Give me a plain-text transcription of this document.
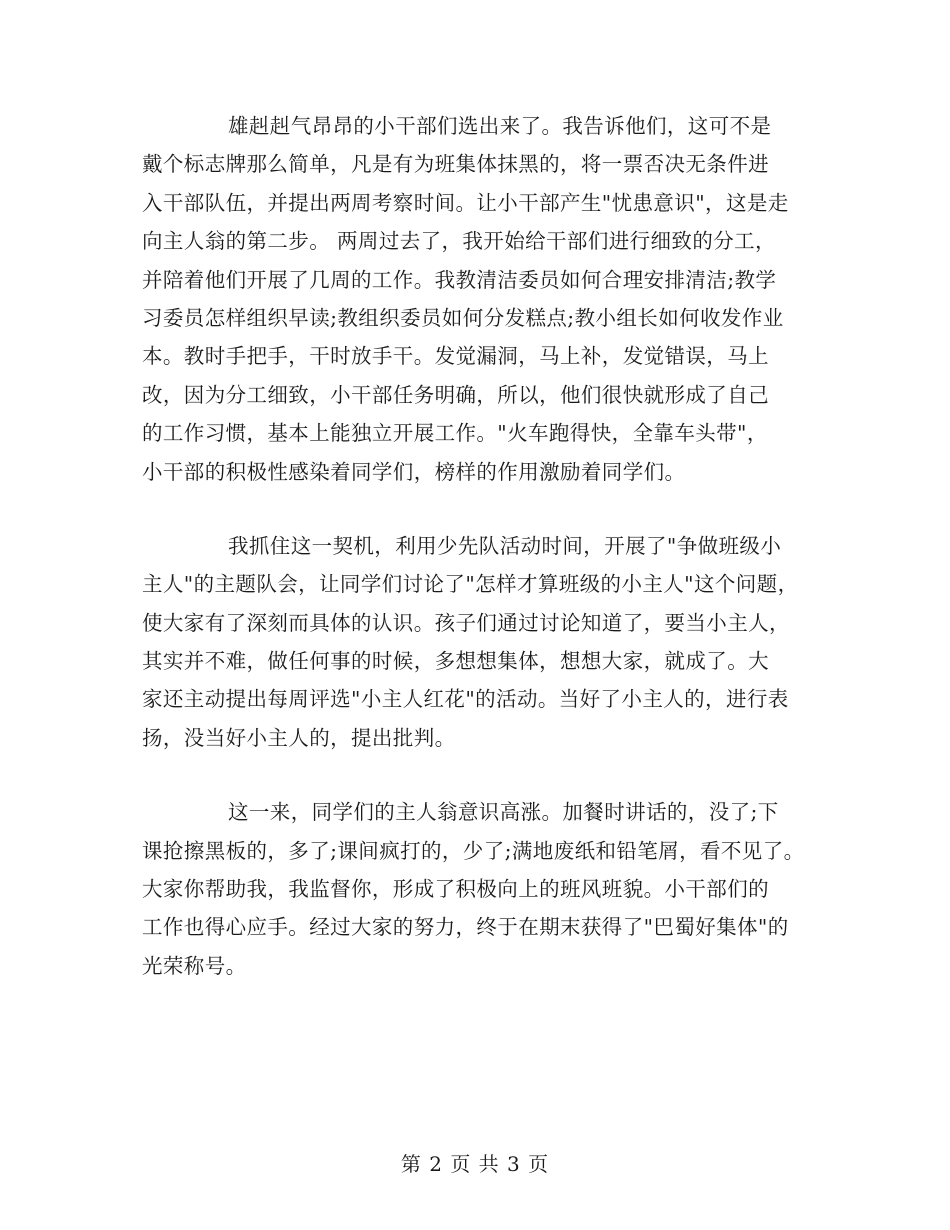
雄赳赳气昂昂的小干部们选出来了。我告诉他们，这可不是
戴个标志牌那么简单，凡是有为班集体抹黑的，将一票否决无条件进
入干部队伍，并提出两周考察时间。让小干部产生"忧患意识"，这是走
向主人翁的第二步。 两周过去了，我开始给干部们进行细致的分工，
并陪着他们开展了几周的工作。我教清洁委员如何合理安排清洁;教学
习委员怎样组织早读;教组织委员如何分发糕点;教小组长如何收发作业
本。教时手把手，干时放手干。发觉漏洞，马上补，发觉错误，马上
改，因为分工细致，小干部任务明确，所以，他们很快就形成了自己
的工作习惯，基本上能独立开展工作。"火车跑得快，全靠车头带"，
小干部的积极性感染着同学们，榜样的作用激励着同学们。
我抓住这一契机，利用少先队活动时间，开展了"争做班级小
主人"的主题队会，让同学们讨论了"怎样才算班级的小主人"这个问题，
使大家有了深刻而具体的认识。孩子们通过讨论知道了，要当小主人，
其实并不难，做任何事的时候，多想想集体，想想大家，就成了。大
家还主动提出每周评选"小主人红花"的活动。当好了小主人的，进行表
扬，没当好小主人的，提出批判。
这一来，同学们的主人翁意识高涨。加餐时讲话的，没了;下
课抢擦黑板的，多了;课间疯打的，少了;满地废纸和铅笔屑，看不见了。
大家你帮助我，我监督你，形成了积极向上的班风班貌。小干部们的
工作也得心应手。经过大家的努力，终于在期末获得了"巴蜀好集体"的
光荣称号。
第 2 页 共 3 页
